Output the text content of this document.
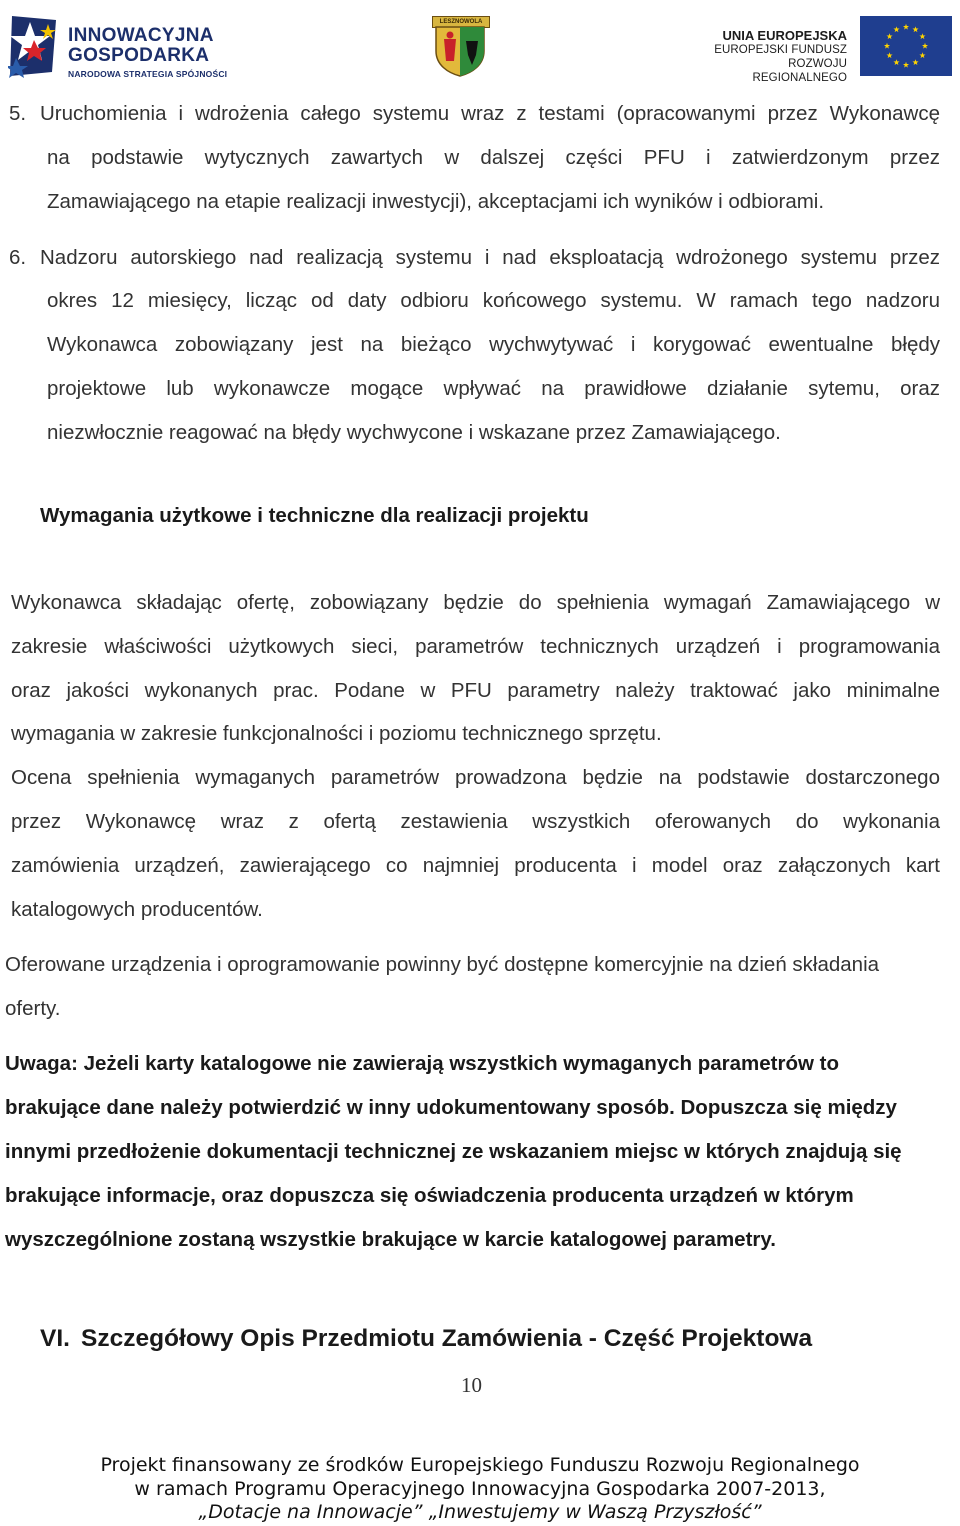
INNOWACYJNA
GOSPODARKA
NARODOWA STRATEGIA SPÓJNOŚCI
LESZNOWOLA
UNIA EUROPEJSKA
EUROPEJSKI FUNDUSZ
ROZWOJU REGIONALNEGO
5. Uruchomienia i wdrożenia całego systemu wraz z testami (opracowanymi przez Wykonawcę
na podstawie wytycznych zawartych w dalszej części PFU i zatwierdzonym przez
Zamawiającego na etapie realizacji inwestycji), akceptacjami ich wyników i odbiorami.
6. Nadzoru autorskiego nad realizacją systemu i nad eksploatacją wdrożonego systemu przez
okres 12 miesięcy, licząc od daty odbioru końcowego systemu. W ramach tego nadzoru
Wykonawca zobowiązany jest na bieżąco wychwytywać i korygować ewentualne błędy
projektowe lub wykonawcze mogące wpływać na prawidłowe działanie sytemu, oraz
niezwłocznie reagować na błędy wychwycone i wskazane przez Zamawiającego.
Wymagania użytkowe i techniczne dla realizacji projektu
Wykonawca składając ofertę, zobowiązany będzie do spełnienia wymagań Zamawiającego w
zakresie właściwości użytkowych sieci, parametrów technicznych urządzeń i programowania
oraz jakości wykonanych prac. Podane w PFU parametry należy traktować jako minimalne
wymagania w zakresie funkcjonalności i poziomu technicznego sprzętu.
Ocena spełnienia wymaganych parametrów prowadzona będzie na podstawie dostarczonego
przez Wykonawcę wraz z ofertą zestawienia wszystkich oferowanych do wykonania
zamówienia urządzeń, zawierającego co najmniej producenta i model oraz załączonych kart
katalogowych producentów.
Oferowane urządzenia i oprogramowanie powinny być dostępne komercyjnie na dzień składania
oferty.
Uwaga: Jeżeli karty katalogowe nie zawierają wszystkich wymaganych parametrów to
brakujące dane należy potwierdzić w inny udokumentowany sposób. Dopuszcza się między
innymi przedłożenie dokumentacji technicznej ze wskazaniem miejsc w których znajdują się
brakujące informacje, oraz dopuszcza się oświadczenia producenta urządzeń w którym
wyszczególnione zostaną wszystkie brakujące w karcie katalogowej parametry.
VI. Szczegółowy Opis Przedmiotu Zamówienia - Część Projektowa
10
Projekt finansowany ze środków Europejskiego Funduszu Rozwoju Regionalnego
w ramach Programu Operacyjnego Innowacyjna Gospodarka 2007-2013,
„Dotacje na Innowacje” „Inwestujemy w Waszą Przyszłość”
